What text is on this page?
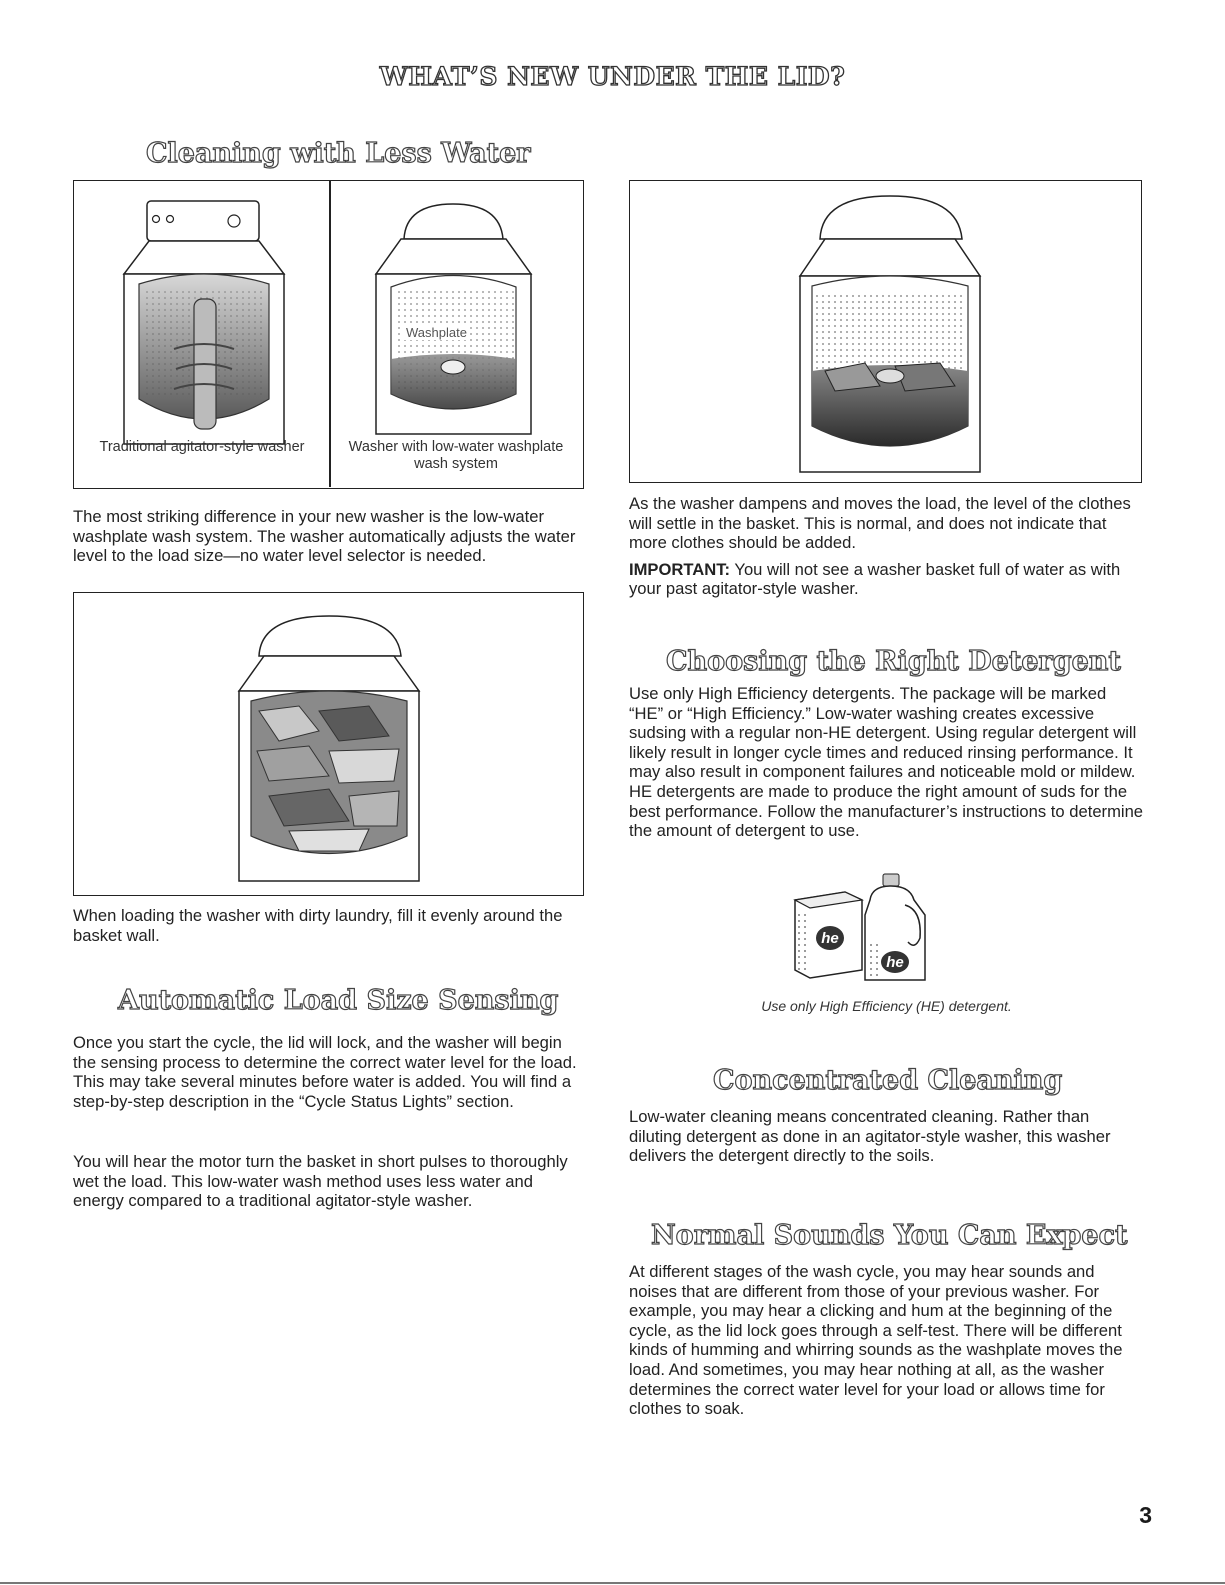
WHAT’S NEW UNDER THE LID?
Cleaning with Less Water
Traditional agitator-style washer
Washplate
Washer with low-water washplate wash system

The most striking difference in your new washer is the low-water washplate wash system. The washer automatically adjusts the water level to the load size—no water level selector is needed.

When loading the washer with dirty laundry, fill it evenly around the basket wall.

Automatic Load Size Sensing

Once you start the cycle, the lid will lock, and the washer will begin the sensing process to determine the correct water level for the load. This may take several minutes before water is added. You will find a step-by-step description in the “Cycle Status Lights” section.

You will hear the motor turn the basket in short pulses to thoroughly wet the load. This low-water wash method uses less water and energy compared to a traditional agitator-style washer.

As the washer dampens and moves the load, the level of the clothes will settle in the basket. This is normal, and does not indicate that more clothes should be added.

IMPORTANT: You will not see a washer basket full of water as with your past agitator-style washer.

Choosing the Right Detergent

Use only High Efficiency detergents. The package will be marked “HE” or “High Efficiency.” Low-water washing creates excessive sudsing with a regular non-HE detergent. Using regular detergent will likely result in longer cycle times and reduced rinsing performance. It may also result in component failures and noticeable mold or mildew. HE detergents are made to produce the right amount of suds for the best performance. Follow the manufacturer’s instructions to determine the amount of detergent to use.

he
he
Use only High Efficiency (HE) detergent.
Concentrated Cleaning

Low-water cleaning means concentrated cleaning. Rather than diluting detergent as done in an agitator-style washer, this washer delivers the detergent directly to the soils.

Normal Sounds You Can Expect

At different stages of the wash cycle, you may hear sounds and noises that are different from those of your previous washer. For example, you may hear a clicking and hum at the beginning of the cycle, as the lid lock goes through a self-test. There will be different kinds of humming and whirring sounds as the washplate moves the load. And sometimes, you may hear nothing at all, as the washer determines the correct water level for your load or allows time for clothes to soak.

3
